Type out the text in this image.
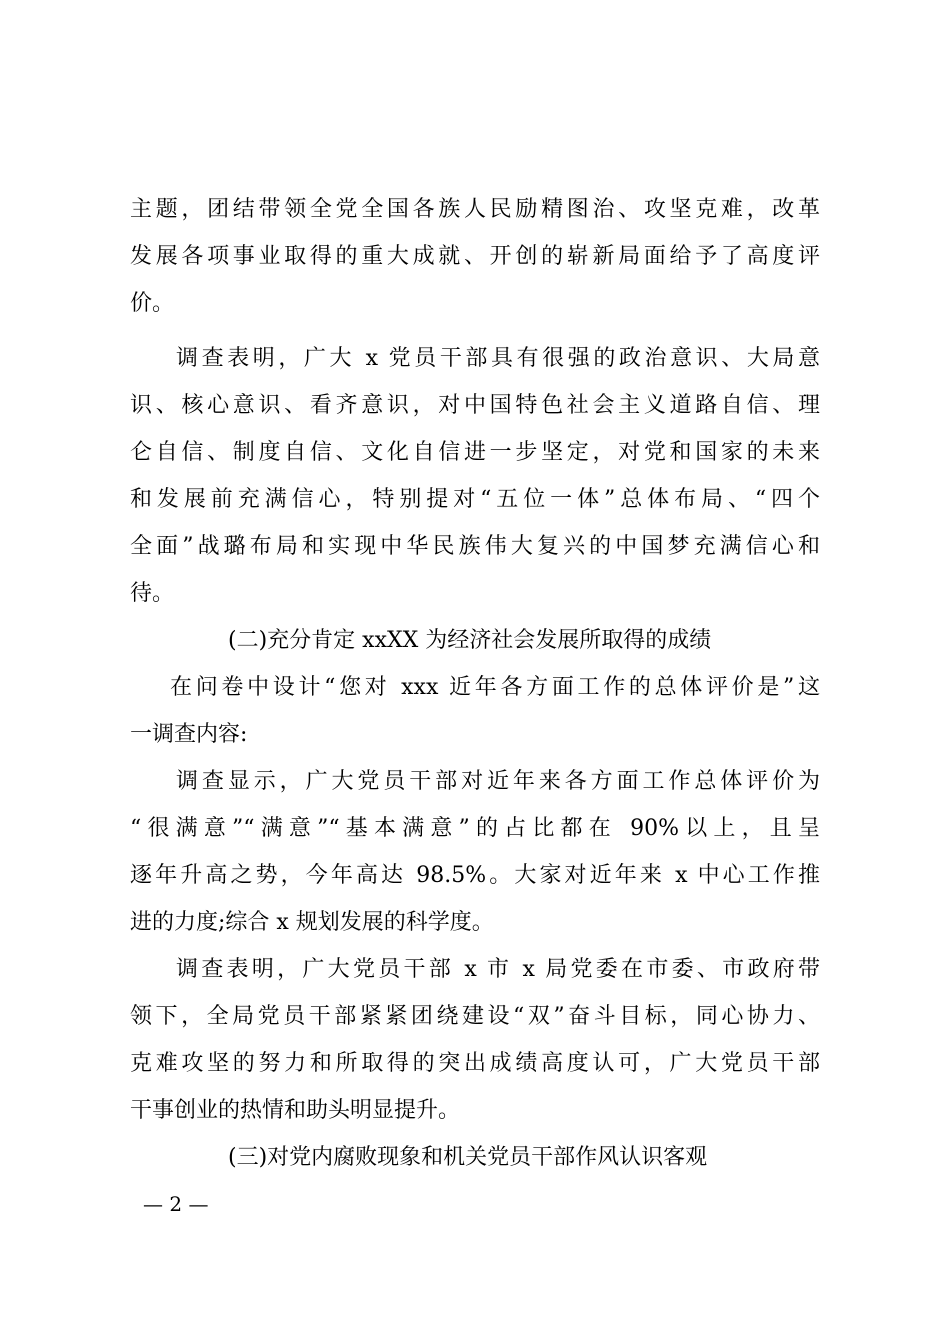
主题，团结带领全党全国各族人民励精图治、攻坚克难，改革
发展各项事业取得的重大成就、开创的崭新局面给予了高度评
价。
调查表明，广大 x 党员干部具有很强的政治意识、大局意
识、核心意识、看齐意识，对中国特色社会主义道路自信、理
仑自信、制度自信、文化自信进一步坚定，对党和国家的未来
和发展前充满信心，特别提对“五位一体”总体布局、“四个
全面”战璐布局和实现中华民族伟大复兴的中国梦充满信心和
待。
(二)充分肯定 xxXX 为经济社会发展所取得的成绩
在问卷中设计“您对 xxx 近年各方面工作的总体评价是”这
一调查内容:
调查显示，广大党员干部对近年来各方面工作总体评价为
“很满意”“满意”“基本满意”的占比都在 90%以上，且呈
逐年升高之势，今年高达 98.5%。大家对近年来 x 中心工作推
进的力度;综合 x 规划发展的科学度。
调查表明，广大党员干部 x 市 x 局党委在市委、市政府带
领下，全局党员干部紧紧团绕建设“双”奋斗目标，同心协力、
克难攻坚的努力和所取得的突出成绩高度认可，广大党员干部
干事创业的热情和助头明显提升。
(三)对党内腐败现象和机关党员干部作风认识客观
— 2 —
